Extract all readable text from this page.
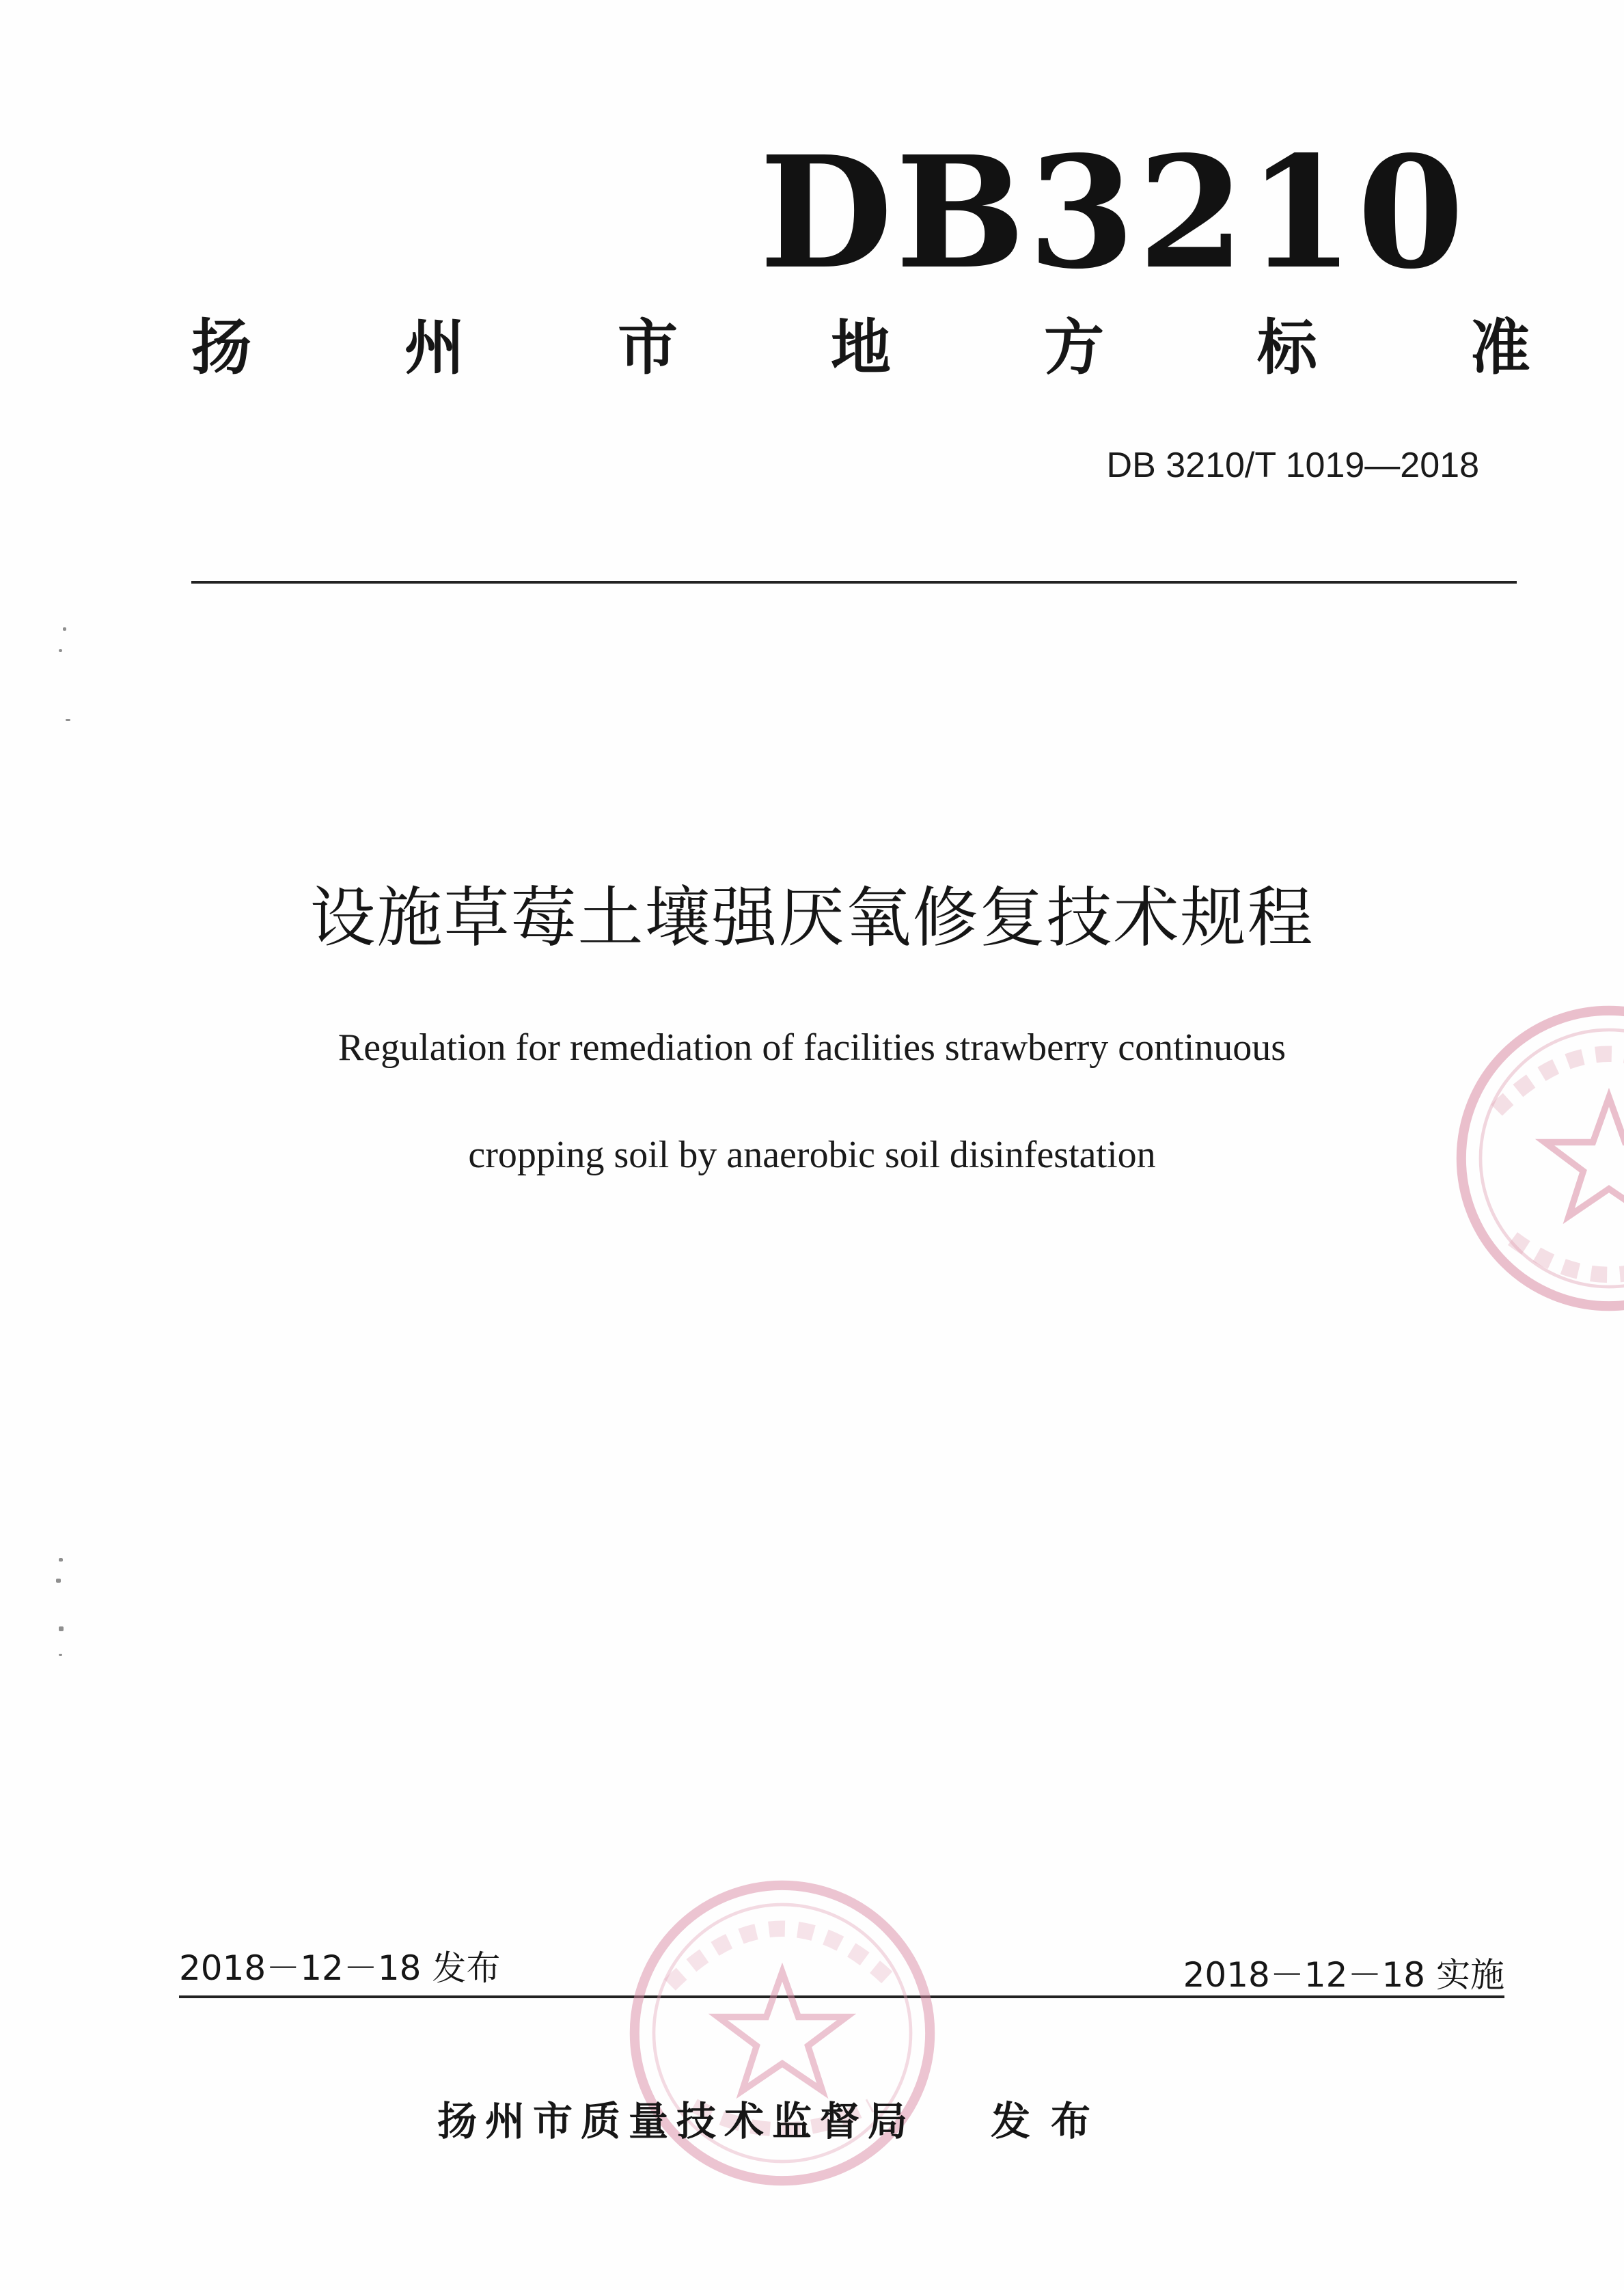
DB3210
扬	州	市	地	方	标	准
DB 3210/T 1019—2018
设施草莓土壤强厌氧修复技术规程
Regulation for remediation of facilities strawberry continuous
cropping soil by anaerobic soil disinfestation
2018－12－18 发布	2018－12－18 实施
扬州市质量技术监督局 发布
